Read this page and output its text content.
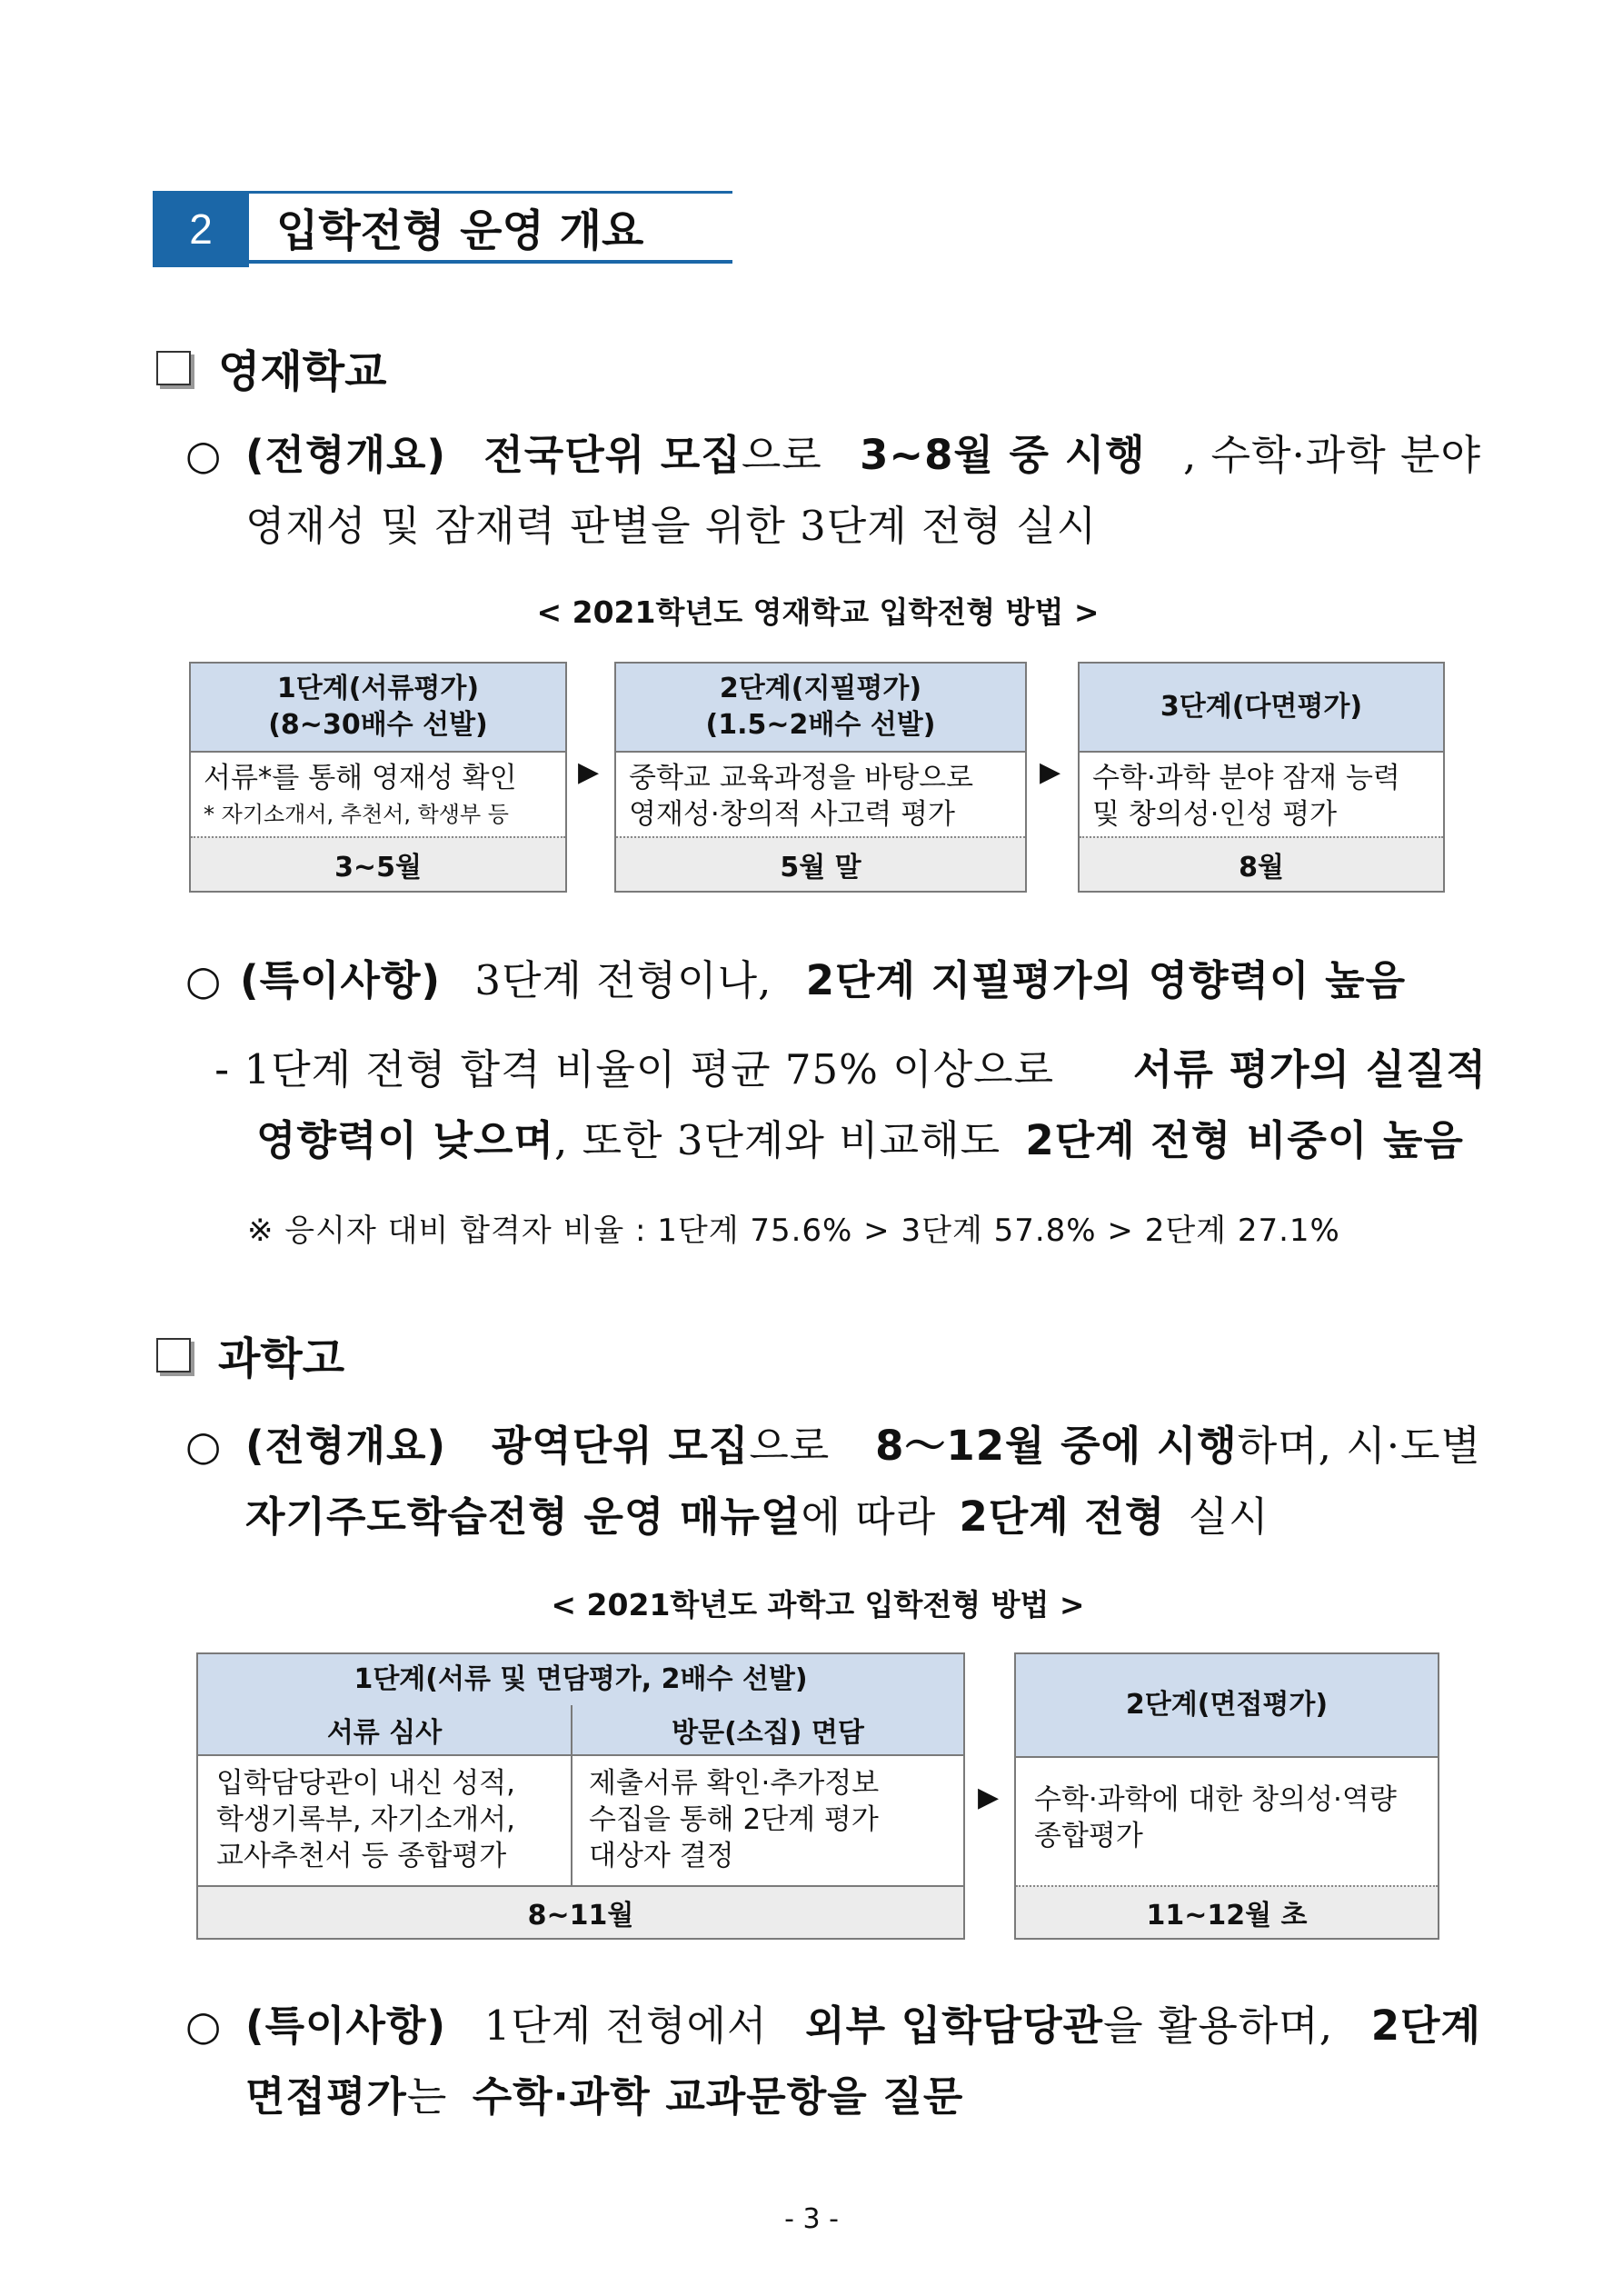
2	입학전형 운영 개요
영재학교
○ (전형개요) 전국단위 모집으로 3~8월 중 시행 , 수학·과학 분야
영재성 및 잠재력 판별을 위한 3단계 전형 실시
< 2021학년도 영재학교 입학전형 방법 >
1단계(서류평가)
(8~30배수 선발)
서류*를 통해 영재성 확인
* 자기소개서, 추천서, 학생부 등
3~5월
▶
2단계(지필평가)
(1.5~2배수 선발)
중학교 교육과정을 바탕으로
영재성·창의적 사고력 평가
5월 말
▶
3단계(다면평가)
수학·과학 분야 잠재 능력
및 창의성·인성 평가
8월
○ (특이사항) 3단계 전형이나, 2단계 지필평가의 영향력이 높음
- 1단계 전형 합격 비율이 평균 75% 이상으로 서류 평가의 실질적
영향력이 낮으며, 또한 3단계와 비교해도 2단계 전형 비중이 높음
※ 응시자 대비 합격자 비율 : 1단계 75.6% > 3단계 57.8% > 2단계 27.1%
과학고
○ (전형개요) 광역단위 모집으로 8～12월 중에 시행하며, 시·도별
자기주도학습전형 운영 매뉴얼에 따라 2단계 전형 실시
< 2021학년도 과학고 입학전형 방법 >
1단계(서류 및 면담평가, 2배수 선발)
서류 심사	방문(소집) 면담
입학담당관이 내신 성적,
학생기록부, 자기소개서,
교사추천서 등 종합평가
제출서류 확인·추가정보
수집을 통해 2단계 평가
대상자 결정
8~11월
▶
2단계(면접평가)
수학·과학에 대한 창의성·역량
종합평가
11~12월 초
○ (특이사항) 1단계 전형에서 외부 입학담당관을 활용하며, 2단계
면접평가는 수학·과학 교과문항을 질문
- 3 -
